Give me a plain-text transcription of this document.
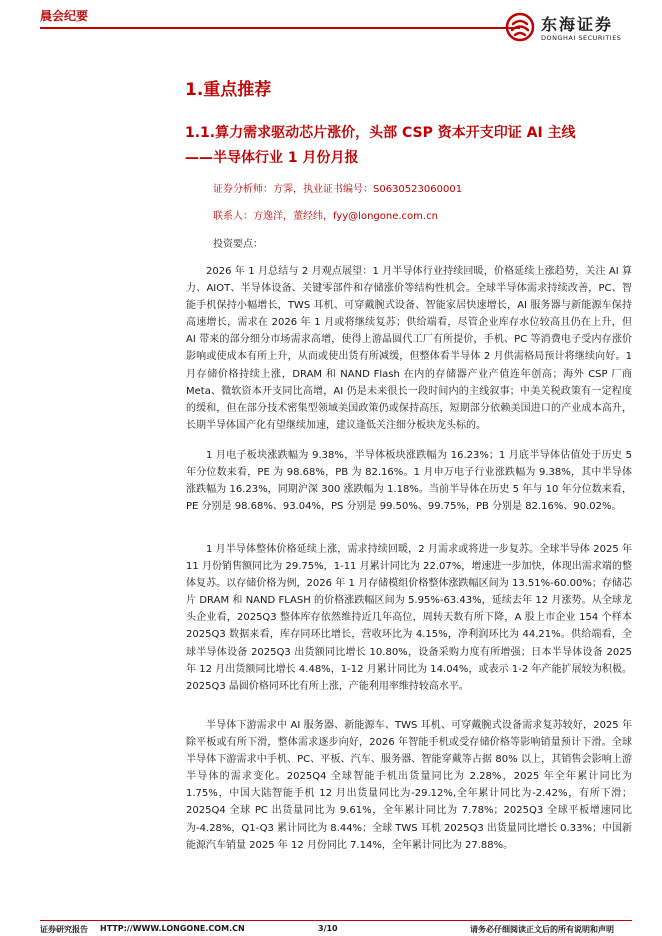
晨会纪要	东海证券
DONGHAI SECURITIES
1.重点推荐
1.1.算力需求驱动芯片涨价，头部 CSP 资本开支印证 AI 主线
——半导体行业 1 月份月报
证券分析师：方霁，执业证书编号：S0630523060001
联系人：方逸洋，董经纬，fyy@longone.com.cn
投资要点：

2026 年 1 月总结与 2 月观点展望：1 月半导体行业持续回暖，价格延续上涨趋势，关注 AI 算力、AIOT、半导体设备、关键零部件和存储涨价等结构性机会。全球半导体需求持续改善，PC、智能手机保持小幅增长，TWS 耳机、可穿戴腕式设备、智能家居快速增长，AI 服务器与新能源车保持高速增长，需求在 2026 年 1 月或将继续复苏；供给端看，尽管企业库存水位较高且仍在上升，但 AI 带来的部分细分市场需求高增，使得上游晶圆代工厂有所提价，手机、PC 等消费电子受内存涨价影响或使成本有所上升，从而或使出货有所减缓，但整体看半导体 2 月供需格局预计将继续向好。1 月存储价格持续上涨，DRAM 和 NAND Flash 在内的存储器产业产值连年创高；海外 CSP 厂商 Meta、微软资本开支同比高增，AI 仍是未来很长一段时间内的主线叙事；中美关税政策有一定程度的缓和，但在部分技术密集型领域美国政策仍或保持高压，短期部分依赖美国进口的产业成本高升，长期半导体国产化有望继续加速，建议逢低关注细分板块龙头标的。

1 月电子板块涨跌幅为 9.38%，半导体板块涨跌幅为 16.23%；1 月底半导体估值处于历史 5 年分位数来看，PE 为 98.68%，PB 为 82.16%。1 月申万电子行业涨跌幅为 9.38%，其中半导体涨跌幅为 16.23%，同期沪深 300 涨跌幅为 1.18%。当前半导体在历史 5 年与 10 年分位数来看，PE 分别是 98.68%、93.04%，PS 分别是 99.50%、99.75%，PB 分别是 82.16%、90.02%。

1 月半导体整体价格延续上涨，需求持续回暖，2 月需求或将进一步复苏。全球半导体 2025 年 11 月份销售额同比为 29.75%，1-11 月累计同比为 22.07%，增速进一步加快，体现出需求端的整体复苏。以存储价格为例，2026 年 1 月存储模组价格整体涨跌幅区间为 13.51%-60.00%；存储芯片 DRAM 和 NAND FLASH 的价格涨跌幅区间为 5.95%-63.43%，延续去年 12 月涨势。从全球龙头企业看，2025Q3 整体库存依然维持近几年高位，周转天数有所下降，A 股上市企业 154 个样本 2025Q3 数据来看，库存同环比增长，营收环比为 4.15%，净利润环比为 44.21%。供给端看，全球半导体设备 2025Q3 出货额同比增长 10.80%，设备采购力度有所增强；日本半导体设备 2025 年 12 月出货额同比增长 4.48%，1-12 月累计同比为 14.04%，或表示 1-2 年产能扩展较为积极。2025Q3 晶圆价格同环比有所上涨，产能利用率维持较高水平。

半导体下游需求中 AI 服务器、新能源车、TWS 耳机、可穿戴腕式设备需求复苏较好，2025 年除平板或有所下滑，整体需求逐步向好，2026 年智能手机或受存储价格等影响销量预计下滑。全球半导体下游需求中手机、PC、平板、汽车、服务器、智能穿戴等占据 80% 以上，其销售会影响上游半导体的需求变化。2025Q4 全球智能手机出货量同比为 2.28%，2025 年全年累计同比为 1.75%，中国大陆智能手机 12 月出货量同比为-29.12%,全年累计同比为-2.42%，有所下滑；2025Q4 全球 PC 出货量同比为 9.61%，全年累计同比为 7.78%；2025Q3 全球平板增速同比为-4.28%，Q1-Q3 累计同比为 8.44%；全球 TWS 耳机 2025Q3 出货量同比增长 0.33%；中国新能源汽车销量 2025 年 12 月份同比 7.14%，全年累计同比为 27.88%。

证券研究报告 HTTP://WWW.LONGONE.COM.CN	3/10	请务必仔细阅读正文后的所有说明和声明
